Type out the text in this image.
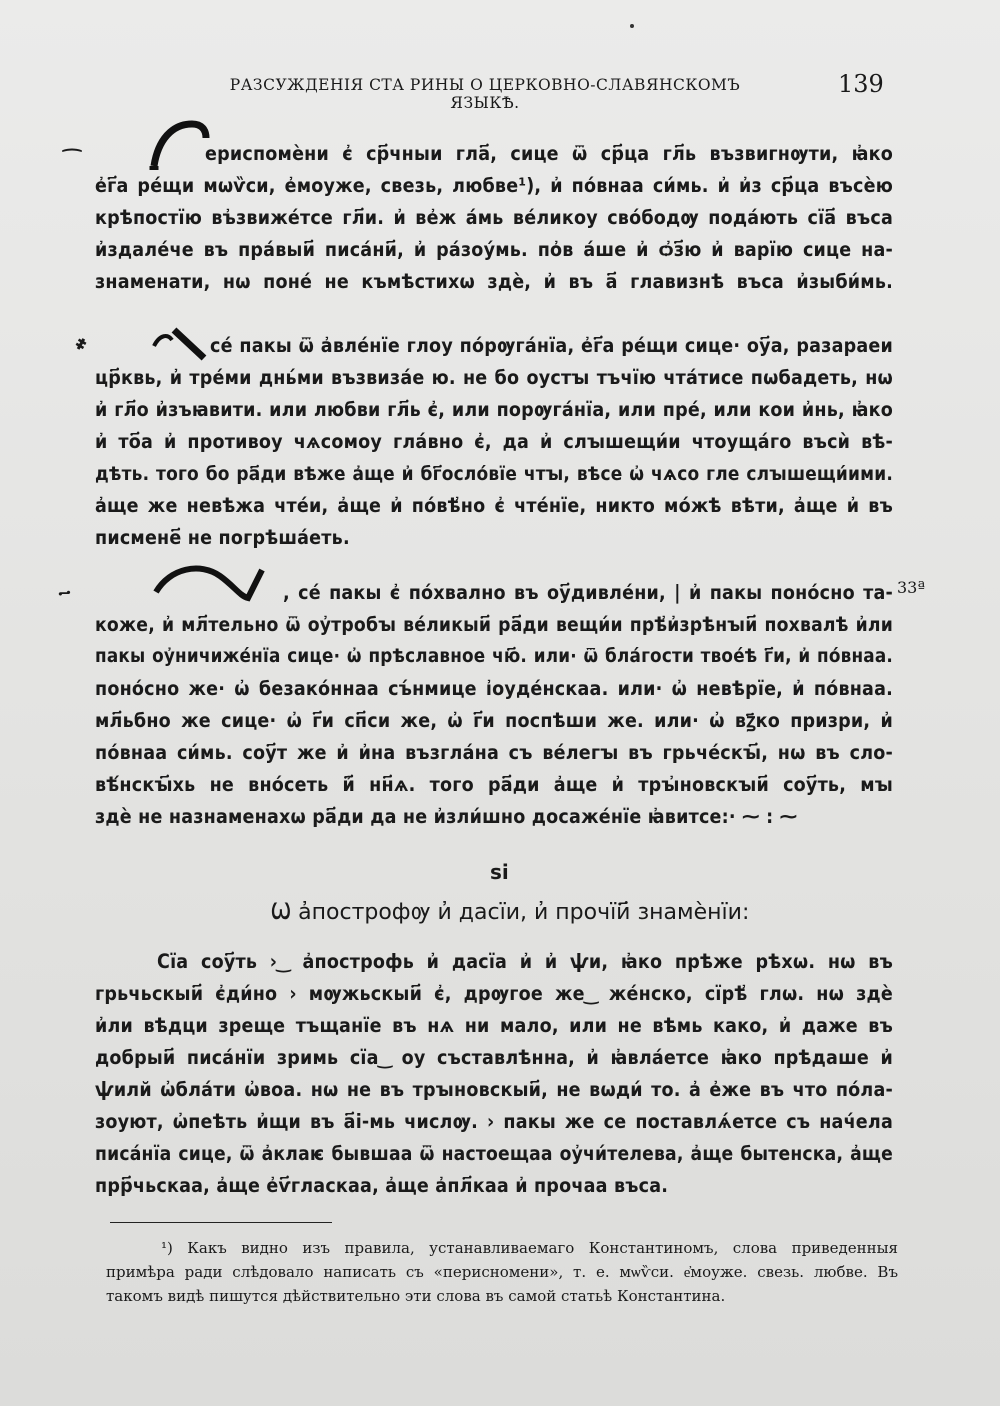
РАЗСУЖДЕНІЯ СТА РИНЫ О ЦЕРКОВНО-СЛАВЯНСКОМЪ ЯЗЫКѢ.
139
ериспомѐни є҆ ср҃чныи гла҃, сице ѿ ср҃ца гл҃ь възвигнѹти, ꙗ҆ко
е҆г҃а ре́щи мѡѷси, е҆моуже, свезь, любве¹), и҆ по́внаа си́мь. и҆ и҆з ср҃ца въсѐю
крѣпостїю въ҆звиже́тсе гл҃и. и҆ ве҆ж а́мь ве́ликоу сво́бодѹ пода́ють сїа҃ въса
и҆здале́че въ пра́выи҃ писа́ни҃, и҆ ра́зоу́мь. по҆в а́ше и҆ ѻ҆з҃ю и҆ варїю сице на-
знаменати, нѡ поне́ не къмѣстихѡ здѐ, и҆ въ а҃ главизнѣ въса и҆зыби́мь.
҂	се́ пакы ѿ а҆вле́нїе глоу по́рѹга́нїа, е҆г҃а ре́щи сице· оу҃а, разараеи
цр҃квь, и҆ тре́ми днь́ми възвиза́е ю. не бо оустꙑ тъчїю чта́тисе пѡбадеть, нѡ
и҆ гл҃о и҆зъꙗвити. или любви гл҃ь є҆, или порѹга́нїа, или пре́, или кои и҆нь, ꙗ҆ко
и҆ то҃а и҆ противоу чѧсомоу гла́вно є҆, да и҆ слꙑшещи́и чтоуща́го въсѝ вѣ-
дѣть. того бо ра҃ди вѣже а҆ще и҆ бг҃осло́вїе чтꙑ, вѣсе ѡ҆ чѧсо гле слꙑшещи́ими.
а҆ще же невѣжа чте́и, а҆ще и҆ по́вѣ҆но є҆ чте́нїе, никто мо́жѣ вѣти, а҆ще и҆ въ
писмене҃ не погрѣша́еть.
, се́ пакы є҆ по́хвално въ оу҃дивле́ни, | и҆ пакы поно́сно та-
коже, и҆ мл҃тельно ѿ оу҆тробꙑ ве́ликыи҃ ра҃ди вещи́и прѣ҆и҆зрѣнꙑи҃ похвалѣ и҆ли
пакы оу҆ничиже́нїа сице· ѡ҆ прѣславное чю҃. или· ѿ бла́гости твое́ѣ г҃и, и҆ по́внаа.
поно́сно же· ѡ҆ безако́ннаа съ́нмице і҆оуде́нскаа. или· ѡ҆ невѣрїе, и҆ по́внаа.
мл҃ьбно же сице· ѡ҆ г҃и сп҃си же, ѡ҆ г҃и поспѣши же. или· ѡ҆ вꙁ҃ко призри, и҆
по́внаа си́мь. соу҃т же и҆ и҆на възгла́на съ ве́легꙑ въ грьче́скꙑ҃, нѡ въ сло-
вѣ́нскꙑ҃хь не вно́сеть и҆҃ нн҃ѧ. того ра҃ди а҆ще и҆ трꙑ҆новскꙑи҃ соу҃ть, мꙑ
здѐ не назнаменахѡ ра҃ди да не и҆зли́шно досаже́нїе ꙗ҆витсе:· ⁓ : ⁓
33ª
ѕі
Ѡ а҆построфѹ и҆ дасїи, и҆ прочїи҃ знамѐнїи:
Сїа соу҃ть › ͜ а҆построфь и҆ дасїа и҆ и҆ ѱи, ꙗ҆ко прѣже рѣхѡ. нѡ въ
грьчьскыи҃ є҆ди́но › мѹжьскыи҃ є҆, дрѹгое же ͜ же́нско, сїрѣ҆ глѡ. нѡ здѐ
и҆ли вѣдци зреще тъщанїе въ нѧ ни мало, или не вѣмь како, и҆ даже въ
добрыи҃ писа́нїи зримь сїа ͜ оу съставлѣнна, и҆ ꙗ҆вла́етсе ꙗ҆ко прѣдаше и҆
ѱилй ѡ҆бла́ти ѡ҆воа. нѡ не въ трꙑновскыи҃, не вѡди́ то. а҆ е҆же въ что по́ла-
зоуют, ѡ҆пеѣть и҆щи въ а҃і-мь числѹ. › пакы же се поставлѧ́етсе съ нач́ела
писа́нїа сице, ѿ а҆клаѥ бывшаа ѿ настоещаа оу҆чи́телева, а҆ще бытенска, а҆ще
прр҃чьскаа, а҆ще е҆ѵ҃гласкаа, а҆ще а҆пл҃каа и҆ прочаа въса.
¹) Какъ видно изъ правила, устанавливаемаго Константиномъ, слова приведенныя
примѣра ради слѣдовало написать съ «перисномени», т. е. мѡѷси. е҆моуже. свезь. любве. Въ
такомъ видѣ пишутся дѣйствительно эти слова въ самой статьѣ Константина.
